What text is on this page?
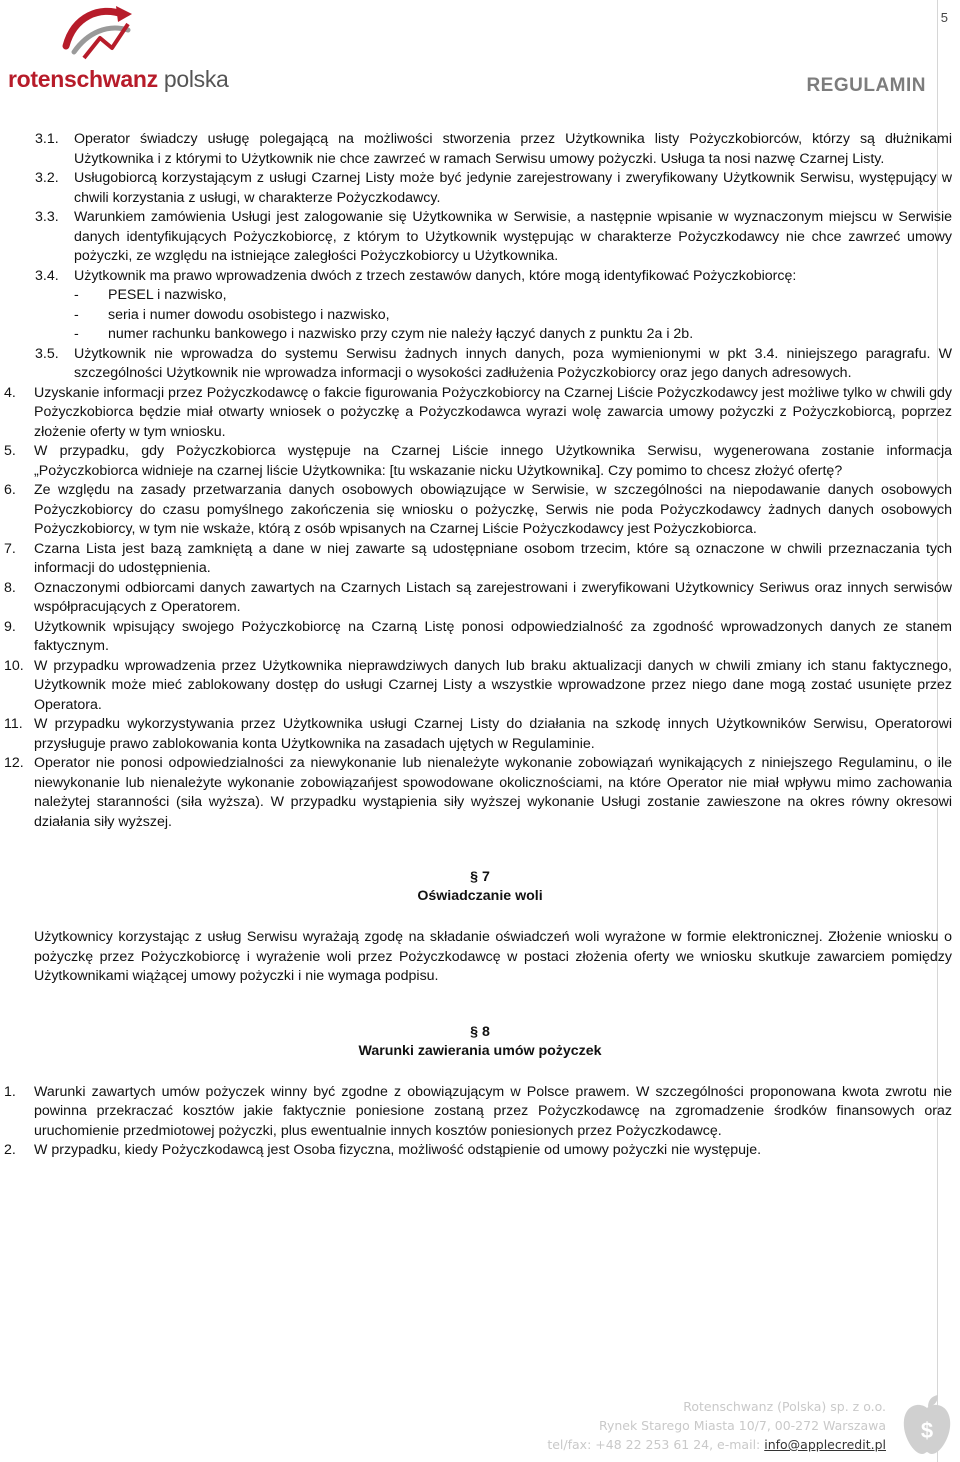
5
rotenschwanz polska	REGULAMIN
3.1. Operator świadczy usługę polegającą na możliwości stworzenia przez Użytkownika listy Pożyczkobiorców, którzy są dłużnikami Użytkownika i z którymi to Użytkownik nie chce zawrzeć w ramach Serwisu umowy pożyczki. Usługa ta nosi nazwę Czarnej Listy.
3.2. Usługobiorcą korzystającym z usługi Czarnej Listy może być jedynie zarejestrowany i zweryfikowany Użytkownik Serwisu, występujący w chwili korzystania z usługi, w charakterze Pożyczkodawcy.
3.3. Warunkiem zamówienia Usługi jest zalogowanie się Użytkownika w Serwisie, a następnie wpisanie w wyznaczonym miejscu w Serwisie danych identyfikujących Pożyczkobiorcę, z którym to Użytkownik występując w charakterze Pożyczkodawcy nie chce zawrzeć umowy pożyczki, ze względu na istniejące zaległości Pożyczkobiorcy u Użytkownika.
3.4. Użytkownik ma prawo wprowadzenia dwóch z trzech zestawów danych, które mogą identyfikować Pożyczkobiorcę:
- PESEL i nazwisko,
- seria i numer dowodu osobistego i nazwisko,
- numer rachunku bankowego i nazwisko przy czym nie należy łączyć danych z punktu 2a i 2b.
3.5. Użytkownik nie wprowadza do systemu Serwisu żadnych innych danych, poza wymienionymi w pkt 3.4. niniejszego paragrafu. W szczególności Użytkownik nie wprowadza informacji o wysokości zadłużenia Pożyczkobiorcy oraz jego danych adresowych.
4. Uzyskanie informacji przez Pożyczkodawcę o fakcie figurowania Pożyczkobiorcy na Czarnej Liście Pożyczkodawcy jest możliwe tylko w chwili gdy Pożyczkobiorca będzie miał otwarty wniosek o pożyczkę a Pożyczkodawca wyrazi wolę zawarcia umowy pożyczki z Pożyczkobiorcą, poprzez złożenie oferty w tym wniosku.
5. W przypadku, gdy Pożyczkobiorca występuje na Czarnej Liście innego Użytkownika Serwisu, wygenerowana zostanie informacja „Pożyczkobiorca widnieje na czarnej liście Użytkownika: [tu wskazanie nicku Użytkownika]. Czy pomimo to chcesz złożyć ofertę?
6. Ze względu na zasady przetwarzania danych osobowych obowiązujące w Serwisie, w szczególności na niepodawanie danych osobowych Pożyczkobiorcy do czasu pomyślnego zakończenia się wniosku o pożyczkę, Serwis nie poda Pożyczkodawcy żadnych danych osobowych Pożyczkobiorcy, w tym nie wskaże, którą z osób wpisanych na Czarnej Liście Pożyczkodawcy jest Pożyczkobiorca.
7. Czarna Lista jest bazą zamkniętą a dane w niej zawarte są udostępniane osobom trzecim, które są oznaczone w chwili przeznaczania tych informacji do udostępnienia.
8. Oznaczonymi odbiorcami danych zawartych na Czarnych Listach są zarejestrowani i zweryfikowani Użytkownicy Seriwus oraz innych serwisów współpracujących z Operatorem.
9. Użytkownik wpisujący swojego Pożyczkobiorcę na Czarną Listę ponosi odpowiedzialność za zgodność wprowadzonych danych ze stanem faktycznym.
10. W przypadku wprowadzenia przez Użytkownika nieprawdziwych danych lub braku aktualizacji danych w chwili zmiany ich stanu faktycznego, Użytkownik może mieć zablokowany dostęp do usługi Czarnej Listy a wszystkie wprowadzone przez niego dane mogą zostać usunięte przez Operatora.
11. W przypadku wykorzystywania przez Użytkownika usługi Czarnej Listy do działania na szkodę innych Użytkowników Serwisu, Operatorowi przysługuje prawo zablokowania konta Użytkownika na zasadach ujętych w Regulaminie.
12. Operator nie ponosi odpowiedzialności za niewykonanie lub nienależyte wykonanie zobowiązań wynikających z niniejszego Regulaminu, o ile niewykonanie lub nienależyte wykonanie zobowiązańjest spowodowane okolicznościami, na które Operator nie miał wpływu mimo zachowania należytej staranności (siła wyższa). W przypadku wystąpienia siły wyższej wykonanie Usługi zostanie zawieszone na okres równy okresowi działania siły wyższej.
§ 7
Oświadczanie woli
Użytkownicy korzystając z usług Serwisu wyrażają zgodę na składanie oświadczeń woli wyrażone w formie elektronicznej. Złożenie wniosku o pożyczkę przez Pożyczkobiorcę i wyrażenie woli przez Pożyczkodawcę w postaci złożenia oferty we wniosku skutkuje zawarciem pomiędzy Użytkownikami wiążącej umowy pożyczki i nie wymaga podpisu.
§ 8
Warunki zawierania umów pożyczek
1. Warunki zawartych umów pożyczek winny być zgodne z obowiązującym w Polsce prawem. W szczególności proponowana kwota zwrotu nie powinna przekraczać kosztów jakie faktycznie poniesione zostaną przez Pożyczkodawcę na zgromadzenie środków finansowych oraz uruchomienie przedmiotowej pożyczki, plus ewentualnie innych kosztów poniesionych przez Pożyczkodawcę.
2. W przypadku, kiedy Pożyczkodawcą jest Osoba fizyczna, możliwość odstąpienie od umowy pożyczki nie występuje.
Rotenschwanz (Polska) sp. z o.o.
Rynek Starego Miasta 10/7, 00-272 Warszawa
tel/fax: +48 22 253 61 24, e-mail: info@applecredit.pl
$
